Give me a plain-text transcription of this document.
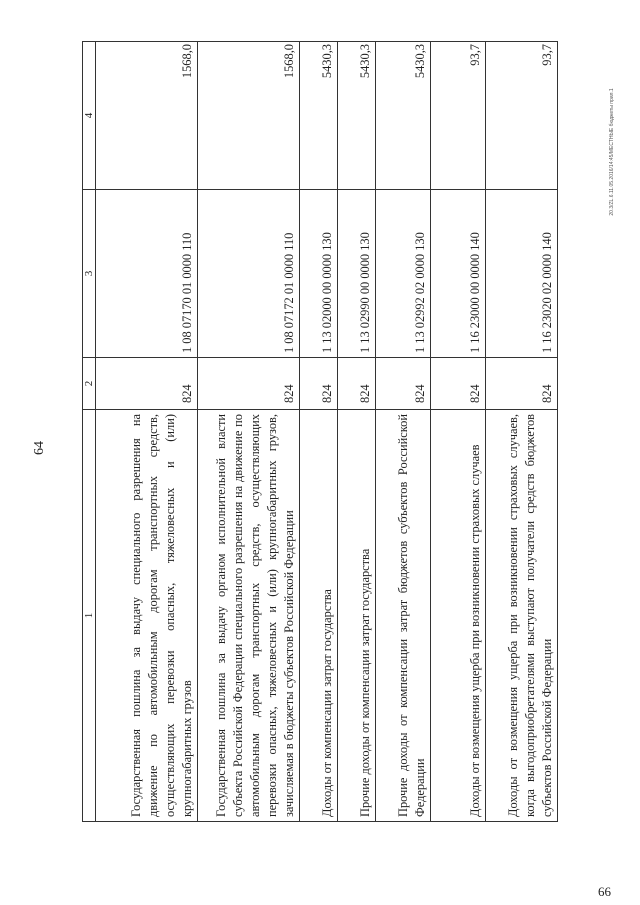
64
20.3/ZL.6.11.05.2016/14:45/МЕСТНЫЕ бюджеты прил.1
66
1	2	3	4
Государственная пошлина за выдачу специального разрешения на движение по автомобильным дорогам транспортных средств, осуществляющих перевозки опасных, тяжеловесных и (или) крупногабаритных грузов	824	1 08 07170 01 0000 110	1568,0
Государственная пошлина за выдачу органом исполнительной власти субъекта Российской Федерации специального разрешения на движение по автомобильным дорогам транспортных средств, осуществляющих перевозки опасных, тяжеловесных и (или) крупногабаритных грузов, зачисляемая в бюджеты субъектов Российской Федерации	824	1 08 07172 01 0000 110	1568,0
Доходы от компенсации затрат государства	824	1 13 02000 00 0000 130	5430,3
Прочие доходы от компенсации затрат государства	824	1 13 02990 00 0000 130	5430,3
Прочие доходы от компенсации затрат бюджетов субъектов Российской Федерации	824	1 13 02992 02 0000 130	5430,3
Доходы от возмещения ущерба при возникновении страховых случаев	824	1 16 23000 00 0000 140	93,7
Доходы от возмещения ущерба при возникновении страховых случаев, когда выгодоприобретателями выступают получатели средств бюджетов субъектов Российской Федерации	824	1 16 23020 02 0000 140	93,7
